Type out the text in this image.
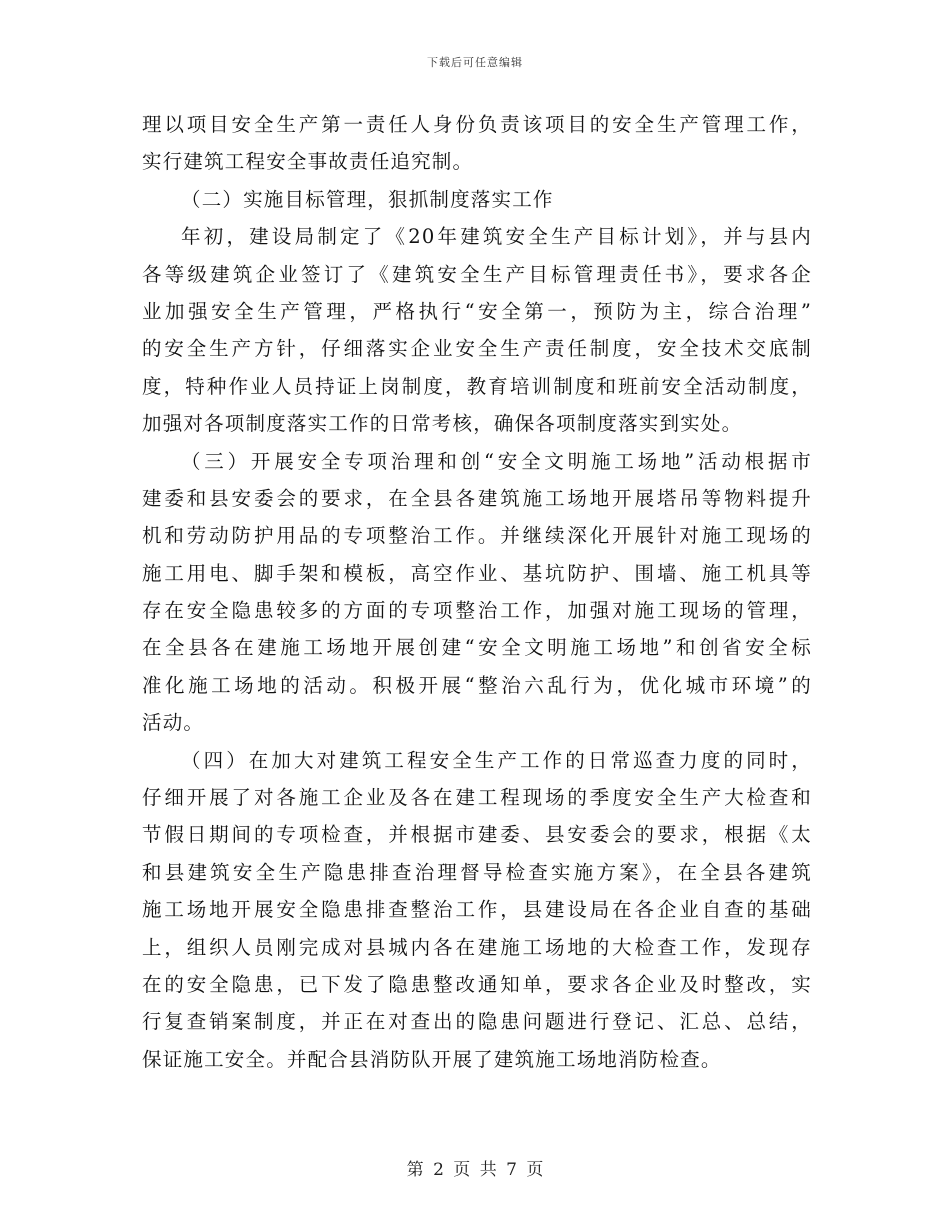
下载后可任意编辑
理以项目安全生产第一责任人身份负责该项目的安全生产管理工作，
实行建筑工程安全事故责任追究制。
（二）实施目标管理，狠抓制度落实工作
年初，建设局制定了《20年建筑安全生产目标计划》，并与县内
各等级建筑企业签订了《建筑安全生产目标管理责任书》，要求各企
业加强安全生产管理，严格执行“安全第一，预防为主，综合治理”
的安全生产方针，仔细落实企业安全生产责任制度，安全技术交底制
度，特种作业人员持证上岗制度，教育培训制度和班前安全活动制度，
加强对各项制度落实工作的日常考核，确保各项制度落实到实处。
（三）开展安全专项治理和创“安全文明施工场地”活动根据市
建委和县安委会的要求，在全县各建筑施工场地开展塔吊等物料提升
机和劳动防护用品的专项整治工作。并继续深化开展针对施工现场的
施工用电、脚手架和模板，高空作业、基坑防护、围墙、施工机具等
存在安全隐患较多的方面的专项整治工作，加强对施工现场的管理，
在全县各在建施工场地开展创建“安全文明施工场地”和创省安全标
准化施工场地的活动。积极开展“整治六乱行为，优化城市环境”的
活动。
（四）在加大对建筑工程安全生产工作的日常巡查力度的同时，
仔细开展了对各施工企业及各在建工程现场的季度安全生产大检查和
节假日期间的专项检查，并根据市建委、县安委会的要求，根据《太
和县建筑安全生产隐患排查治理督导检查实施方案》，在全县各建筑
施工场地开展安全隐患排查整治工作，县建设局在各企业自查的基础
上，组织人员刚完成对县城内各在建施工场地的大检查工作，发现存
在的安全隐患，已下发了隐患整改通知单，要求各企业及时整改，实
行复查销案制度，并正在对查出的隐患问题进行登记、汇总、总结，
保证施工安全。并配合县消防队开展了建筑施工场地消防检查。
第 2 页 共 7 页
